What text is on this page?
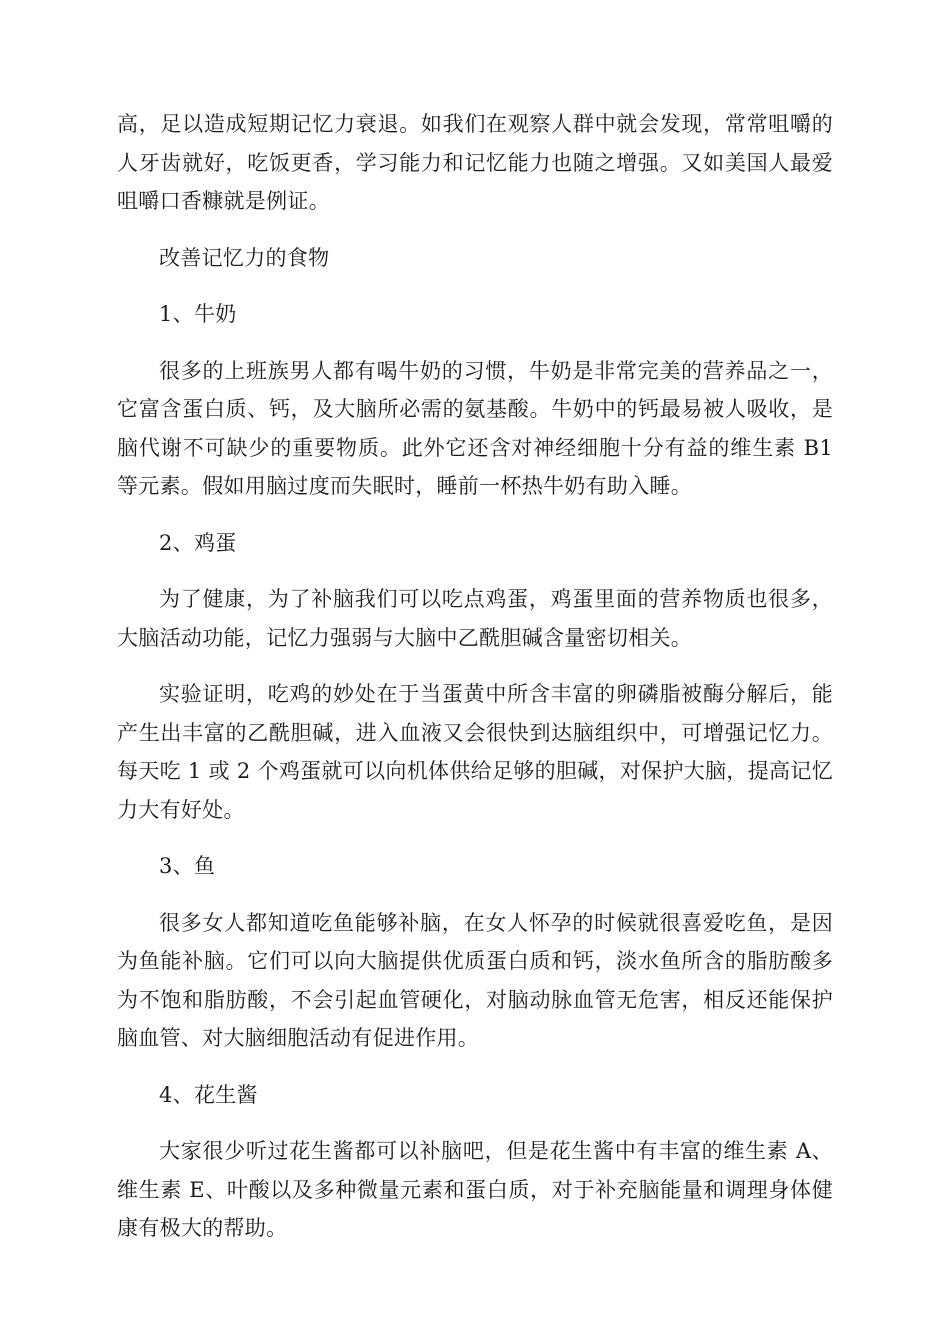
高，足以造成短期记忆力衰退。如我们在观察人群中就会发现，常常咀嚼的人牙齿就好，吃饭更香，学习能力和记忆能力也随之增强。又如美国人最爱咀嚼口香糠就是例证。

改善记忆力的食物

1、牛奶

很多的上班族男人都有喝牛奶的习惯，牛奶是非常完美的营养品之一，它富含蛋白质、钙，及大脑所必需的氨基酸。牛奶中的钙最易被人吸收，是脑代谢不可缺少的重要物质。此外它还含对神经细胞十分有益的维生素 B1 等元素。假如用脑过度而失眠时，睡前一杯热牛奶有助入睡。

2、鸡蛋

为了健康，为了补脑我们可以吃点鸡蛋，鸡蛋里面的营养物质也很多，大脑活动功能，记忆力强弱与大脑中乙酰胆碱含量密切相关。

实验证明，吃鸡的妙处在于当蛋黄中所含丰富的卵磷脂被酶分解后，能产生出丰富的乙酰胆碱，进入血液又会很快到达脑组织中，可增强记忆力。每天吃 1 或 2 个鸡蛋就可以向机体供给足够的胆碱，对保护大脑，提高记忆力大有好处。

3、鱼

很多女人都知道吃鱼能够补脑，在女人怀孕的时候就很喜爱吃鱼，是因为鱼能补脑。它们可以向大脑提供优质蛋白质和钙，淡水鱼所含的脂肪酸多为不饱和脂肪酸，不会引起血管硬化，对脑动脉血管无危害，相反还能保护脑血管、对大脑细胞活动有促进作用。

4、花生酱

大家很少听过花生酱都可以补脑吧，但是花生酱中有丰富的维生素 A、维生素 E、叶酸以及多种微量元素和蛋白质，对于补充脑能量和调理身体健康有极大的帮助。
